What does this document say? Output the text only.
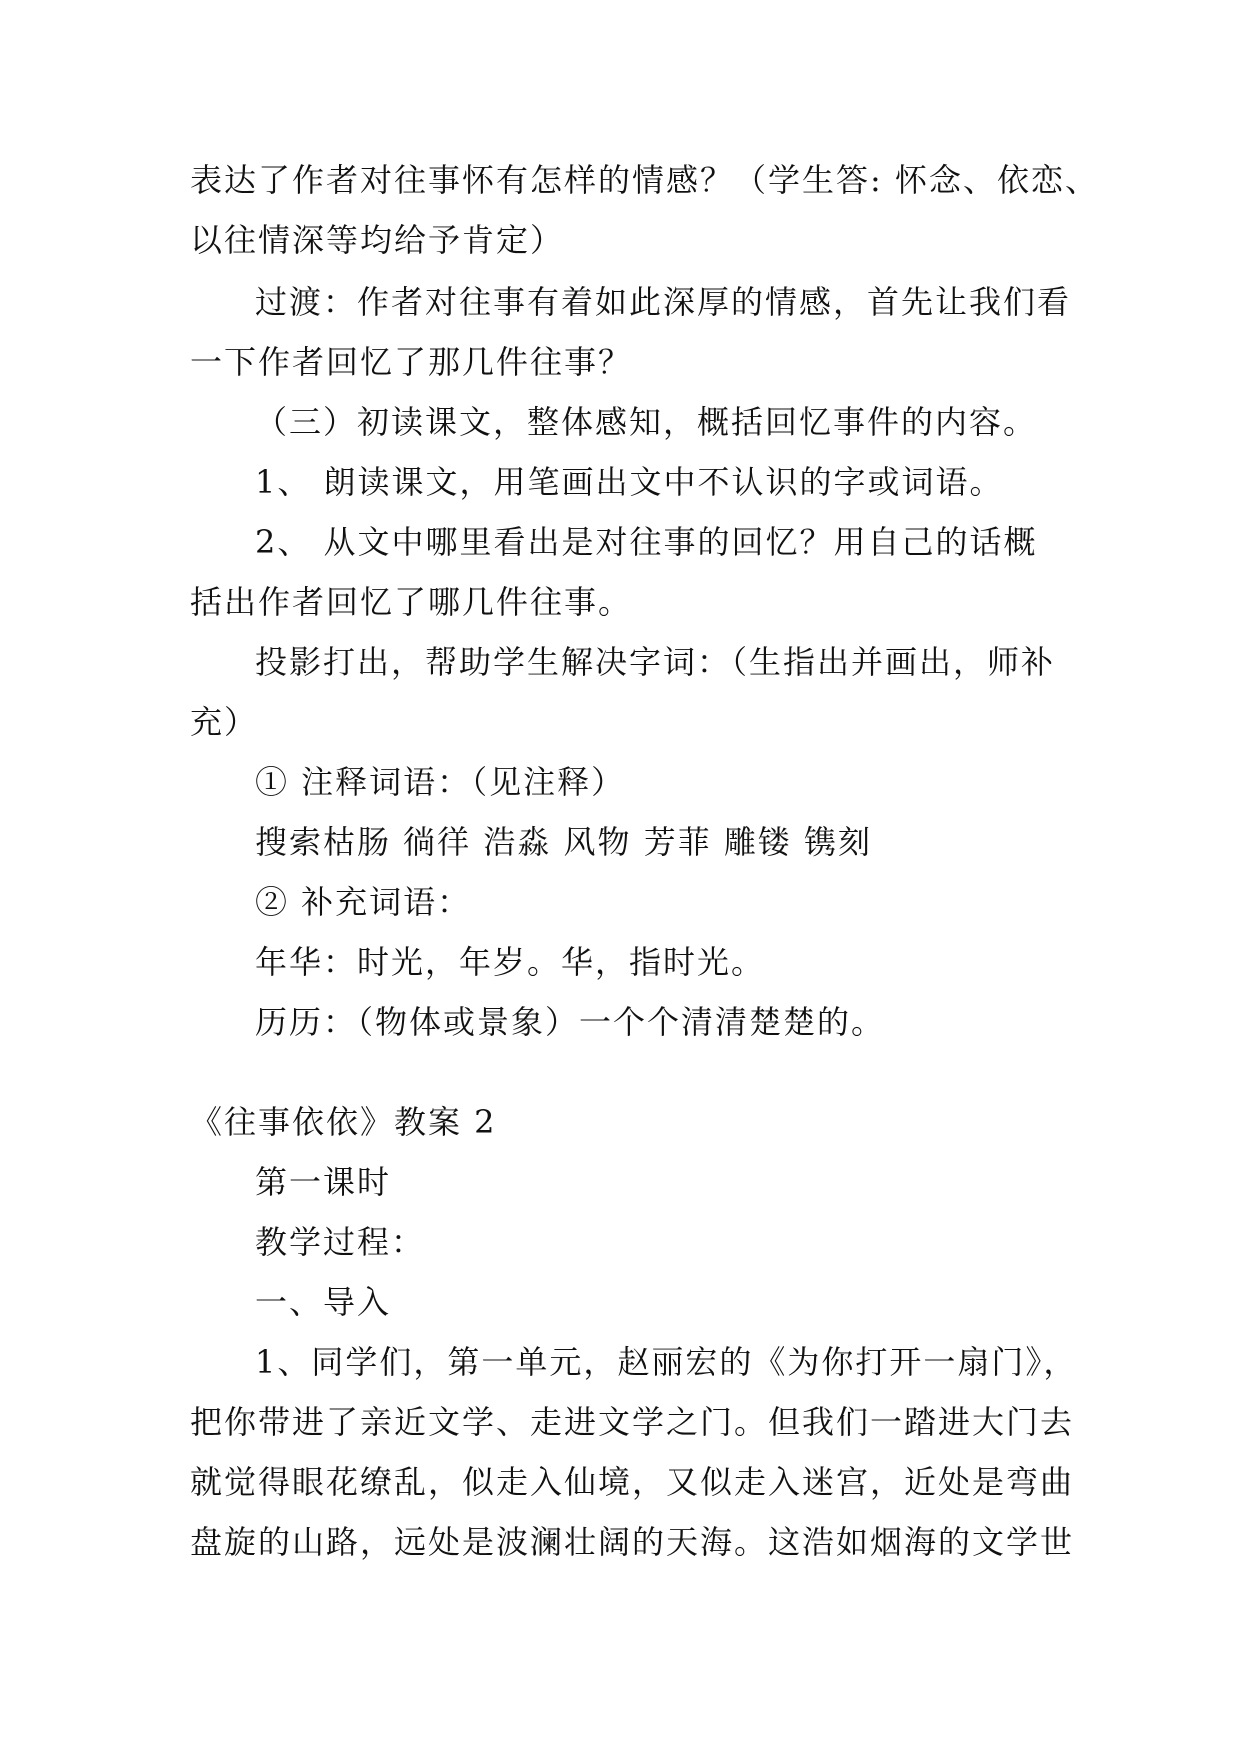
表达了作者对往事怀有怎样的情感？（学生答: 怀念、依恋、
以往情深等均给予肯定）
过渡：作者对往事有着如此深厚的情感，首先让我们看
一下作者回忆了那几件往事？
（三）初读课文，整体感知，概括回忆事件的内容。
1、 朗读课文，用笔画出文中不认识的字或词语。
2、 从文中哪里看出是对往事的回忆？用自己的话概
括出作者回忆了哪几件往事。
投影打出，帮助学生解决字词：（生指出并画出，师补
充）
① 注释词语：（见注释）
搜索枯肠 徜徉 浩淼 风物 芳菲 雕镂 镌刻
② 补充词语：
年华：时光，年岁。华，指时光。
历历：（物体或景象）一个个清清楚楚的。
《往事依依》教案 2
第一课时
教学过程：
一、导入
1、同学们，第一单元，赵丽宏的《为你打开一扇门》，
把你带进了亲近文学、走进文学之门。但我们一踏进大门去
就觉得眼花缭乱，似走入仙境，又似走入迷宫，近处是弯曲
盘旋的山路，远处是波澜壮阔的天海。这浩如烟海的文学世
